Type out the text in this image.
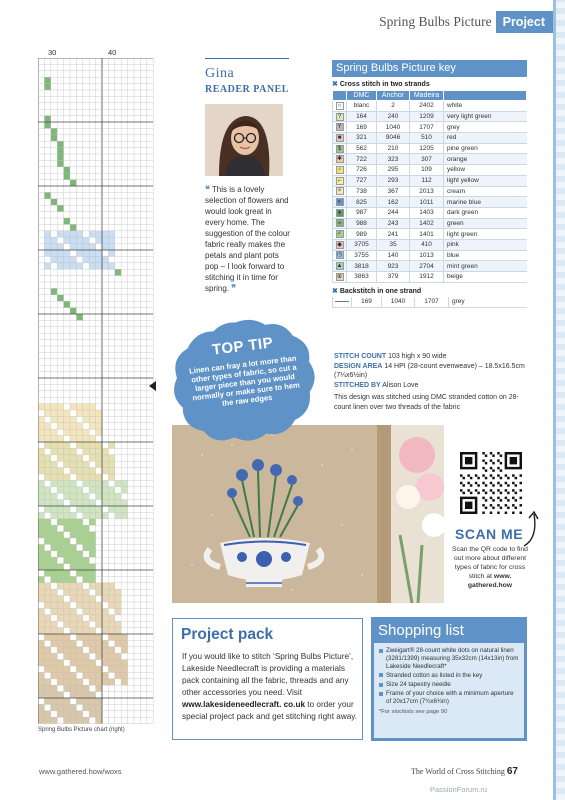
Spring Bulbs Picture Project
30	40
Spring Bulbs Picture chart (right)
Gina
READER PANEL
❝ This is a lovely selection of flowers and would look great in every home. The suggestion of the colour fabric really makes the petals and plant pots pop – I look forward to stitching it in time for spring. ❞
Spring Bulbs Picture key
✖ Cross stitch in two strands
	DMC	Anchor	Madeira	
∩	blanc	2	2402	white
?	164	240	1209	very light green
Y	169	1040	1707	grey
■	321	9046	510	red
$	562	210	1205	pine green
✱	722	323	307	orange
♀	726	295	109	yellow
⌐	727	293	112	light yellow
×	738	367	2013	cream
◐	825	162	1011	marine blue
♦	987	244	1403	dark green
◒	988	243	1402	green
✓	989	241	1401	light green
◆	3705	35	410	pink
◷	3755	140	1013	blue
▲	3818	923	2704	mint green
⊕	3863	379	1912	beige
✖ Backstitch in one strand
	169	1040	1707	grey
STITCH COUNT 103 high x 90 wide
DESIGN AREA 14 HPI (28-count evenweave) – 18.5x16.5cm (7¼x6½in)
STITCHED BY Alison Love
This design was stitched using DMC stranded cotton on 28-count linen over two threads of the fabric
TOP TIP
Linen can fray a lot more than other types of fabric, so cut a larger piece than you would normally or make sure to hem the raw edges
SCAN ME
Scan the QR code to find out more about different types of fabric for cross stitch at www. gathered.how
Project pack
If you would like to stitch ‘Spring Bulbs Picture’, Lakeside Needlecraft is providing a materials pack containing all the fabric, threads and any other accessories you need. Visit www.lakesideneedlecraft. co.uk to order your special project pack and get stitching right away.
Shopping list
Zweigart® 28-count white dots on natural linen (3281/1399) measuring 35x32cm (14x13in) from Lakeside Needlecraft*
Stranded cotton as listed in the key
Size 24 tapestry needle
Frame of your choice with a minimum aperture of 20x17cm (7¾x6¾in)
*For stockists see page 90
www.gathered.how/woxs	The World of Cross Stitching 67
PassionForum.ru
